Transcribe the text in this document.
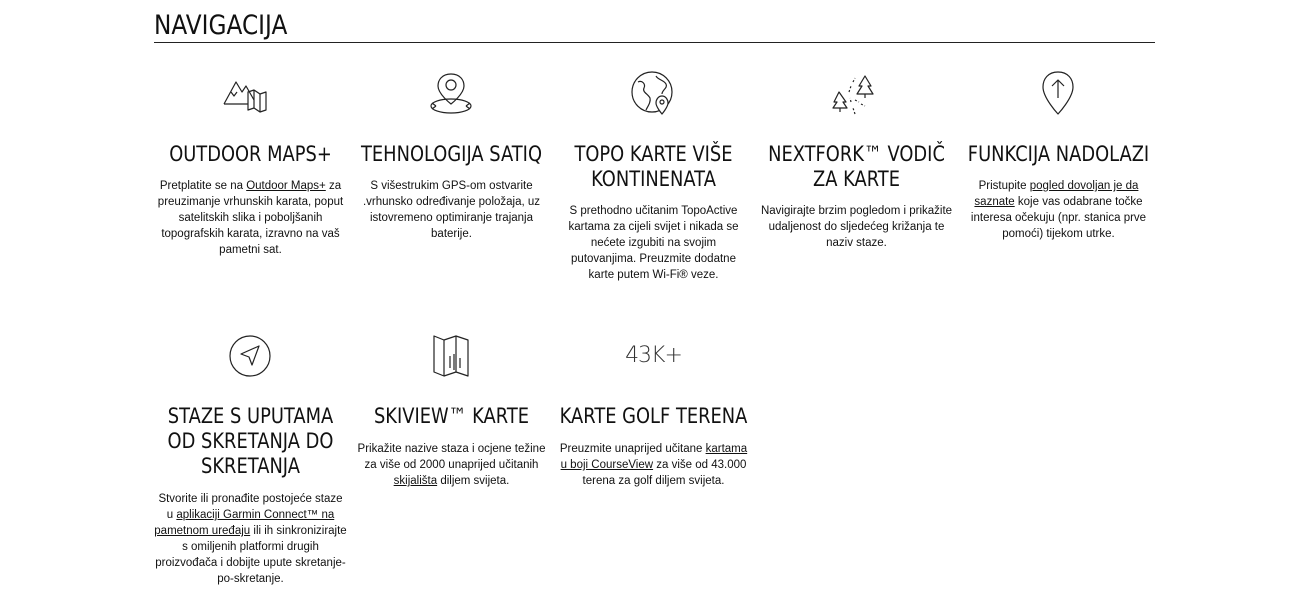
NAVIGACIJA
OUTDOOR MAPS+

Pretplatite se na Outdoor Maps+ za preuzimanje vrhunskih karata, poput satelitskih slika i poboljšanih topografskih karata, izravno na vaš pametni sat.

TEHNOLOGIJA SATIQ

S višestrukim GPS-om ostvarite .vrhunsko određivanje položaja, uz istovremeno optimiranje trajanja baterije.

TOPO KARTE VIŠE KONTINENATA

S prethodno učitanim TopoActive kartama za cijeli svijet i nikada se nećete izgubiti na svojim putovanjima. Preuzmite dodatne karte putem Wi-Fi® veze.

NEXTFORK™ VODIČ ZA KARTE

Navigirajte brzim pogledom i prikažite udaljenost do sljedećeg križanja te naziv staze.

FUNKCIJA NADOLAZI

Pristupite pogled dovoljan je da saznate koje vas odabrane točke interesa očekuju (npr. stanica prve pomoći) tijekom utrke.

STAZE S UPUTAMA OD SKRETANJA DO SKRETANJA

Stvorite ili pronađite postojeće staze u aplikaciji Garmin Connect™ na pametnom uređaju ili ih sinkronizirajte s omiljenih platformi drugih proizvođača i dobijte upute skretanje-po-skretanje.

SKIVIEW™ KARTE

Prikažite nazive staza i ocjene težine za više od 2000 unaprijed učitanih skijališta diljem svijeta.

43K+
KARTE GOLF TERENA

Preuzmite unaprijed učitane kartama u boji CourseView za više od 43.000 terena za golf diljem svijeta.
